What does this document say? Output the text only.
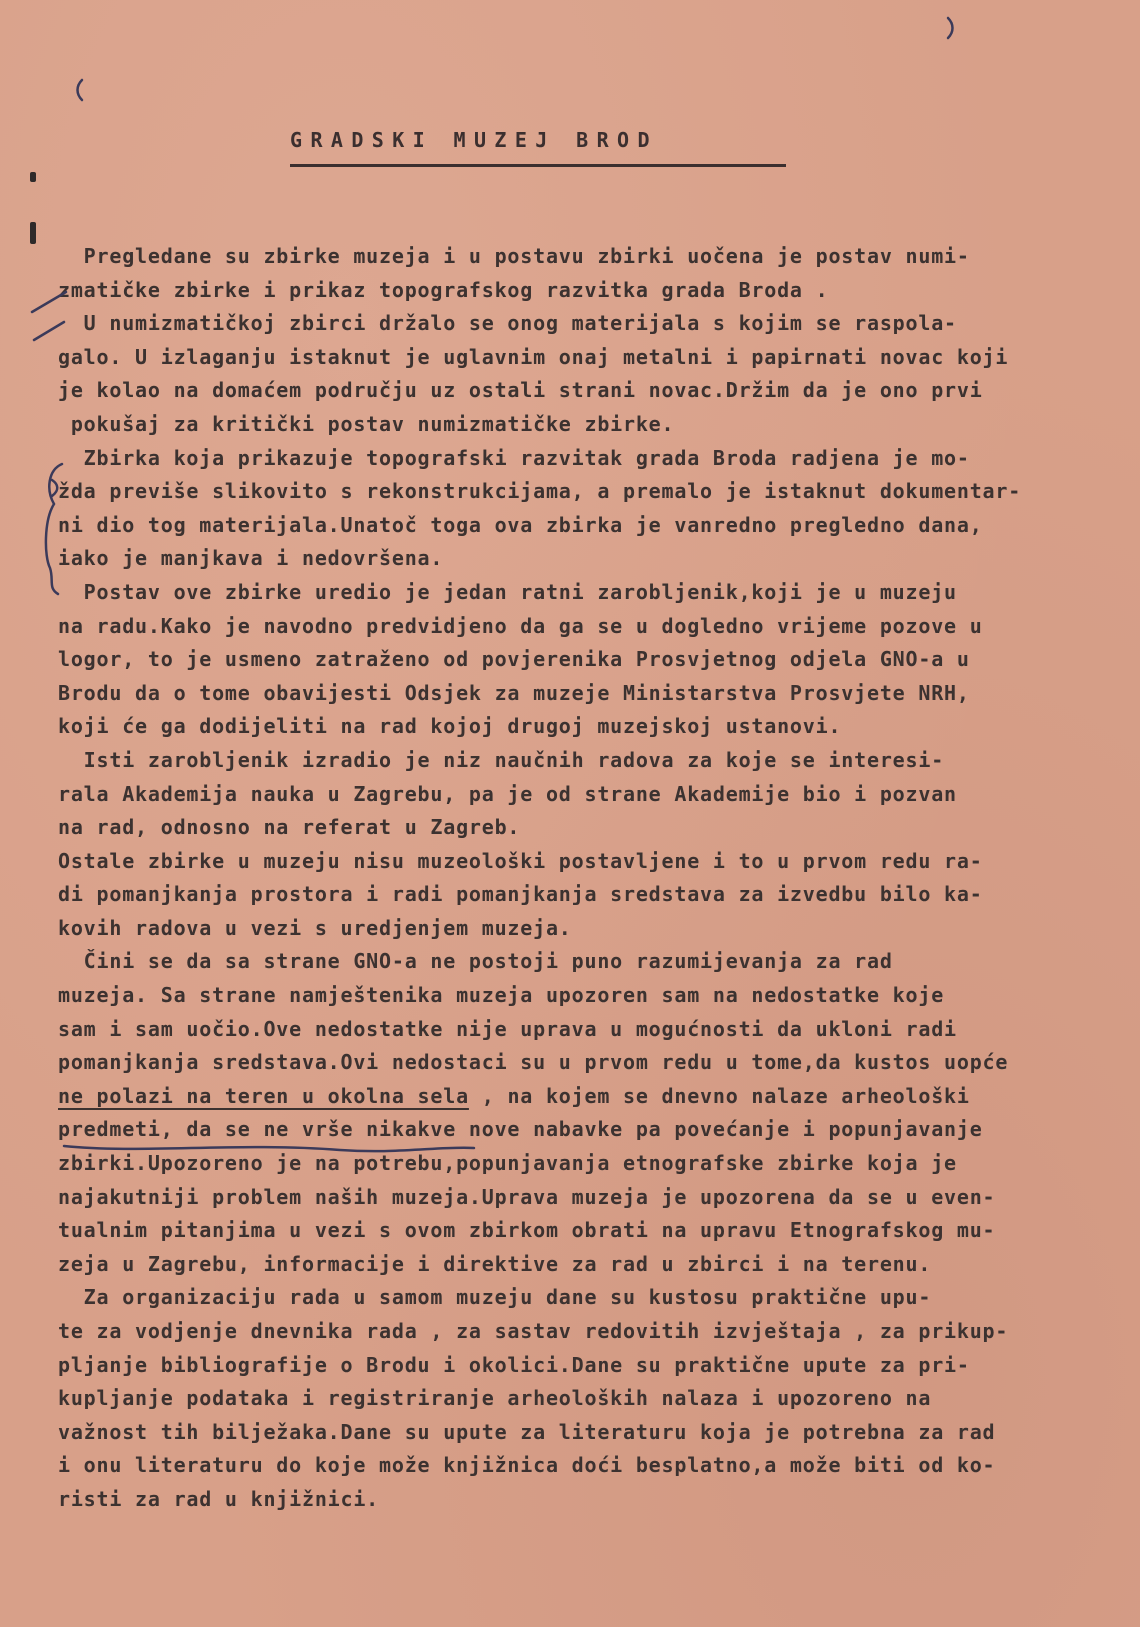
GRADSKI MUZEJ BROD
Pregledane su zbirke muzeja i u postavu zbirki uočena je postav numi-
zmatičke zbirke i prikaz topografskog razvitka grada Broda .
U numizmatičkoj zbirci držalo se onog materijala s kojim se raspola-
galo. U izlaganju istaknut je uglavnim onaj metalni i papirnati novac koji
je kolao na domaćem području uz ostali strani novac.Držim da je ono prvi
pokušaj za kritički postav numizmatičke zbirke.
Zbirka koja prikazuje topografski razvitak grada Broda radjena je mo-
žda previše slikovito s rekonstrukcijama, a premalo je istaknut dokumentar-
ni dio tog materijala.Unatoč toga ova zbirka je vanredno pregledno dana,
iako je manjkava i nedovršena.
Postav ove zbirke uredio je jedan ratni zarobljenik,koji je u muzeju
na radu.Kako je navodno predvidjeno da ga se u dogledno vrijeme pozove u
logor, to je usmeno zatraženo od povjerenika Prosvjetnog odjela GNO-a u
Brodu da o tome obavijesti Odsjek za muzeje Ministarstva Prosvjete NRH,
koji će ga dodijeliti na rad kojoj drugoj muzejskoj ustanovi.
Isti zarobljenik izradio je niz naučnih radova za koje se interesi-
rala Akademija nauka u Zagrebu, pa je od strane Akademije bio i pozvan
na rad, odnosno na referat u Zagreb.
Ostale zbirke u muzeju nisu muzeološki postavljene i to u prvom redu ra-
di pomanjkanja prostora i radi pomanjkanja sredstava za izvedbu bilo ka-
kovih radova u vezi s uredjenjem muzeja.
Čini se da sa strane GNO-a ne postoji puno razumijevanja za rad
muzeja. Sa strane namještenika muzeja upozoren sam na nedostatke koje
sam i sam uočio.Ove nedostatke nije uprava u mogućnosti da ukloni radi
pomanjkanja sredstava.Ovi nedostaci su u prvom redu u tome,da kustos uopće
ne polazi na teren u okolna sela , na kojem se dnevno nalaze arheološki
predmeti, da se ne vrše nikakve nove nabavke pa povećanje i popunjavanje
zbirki.Upozoreno je na potrebu,popunjavanja etnografske zbirke koja je
najakutniji problem naših muzeja.Uprava muzeja je upozorena da se u even-
tualnim pitanjima u vezi s ovom zbirkom obrati na upravu Etnografskog mu-
zeja u Zagrebu, informacije i direktive za rad u zbirci i na terenu.
Za organizaciju rada u samom muzeju dane su kustosu praktične upu-
te za vodjenje dnevnika rada , za sastav redovitih izvještaja , za prikup-
pljanje bibliografije o Brodu i okolici.Dane su praktične upute za pri-
kupljanje podataka i registriranje arheoloških nalaza i upozoreno na
važnost tih bilježaka.Dane su upute za literaturu koja je potrebna za rad
i onu literaturu do koje može knjižnica doći besplatno,a može biti od ko-
risti za rad u knjižnici.
